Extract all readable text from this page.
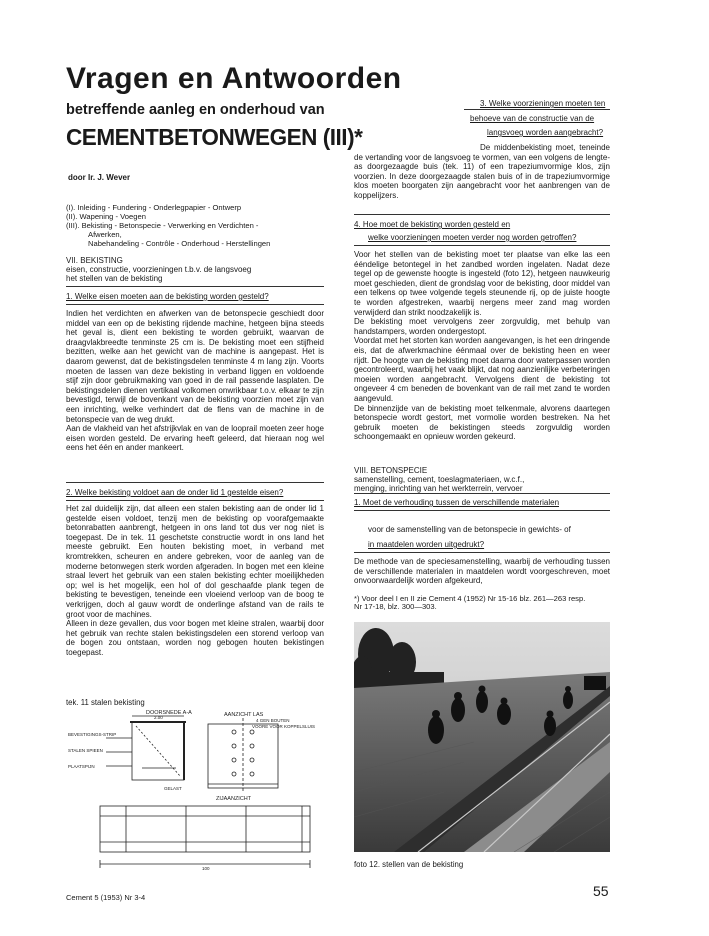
Vragen en Antwoorden
betreffende aanleg en onderhoud van
CEMENTBETONWEGEN (III)*
door Ir. J. Wever
(I). Inleiding - Fundering - Onderlegpapier - Ontwerp
(II). Wapening - Voegen
(III). Bekisting - Betonspecie - Verwerking en Verdichten -
Afwerken,
Nabehandeling - Contrôle - Onderhoud - Herstellingen
VII. BEKISTING
eisen, constructie, voorzieningen t.b.v. de langsvoeg
het stellen van de bekisting
1. Welke eisen moeten aan de bekisting worden gesteld?

Indien het verdichten en afwerken van de betonspecie geschiedt door middel van een op de bekisting rijdende machine, hetgeen bijna steeds het geval is, dient een bekisting te worden gebruikt, waarvan de draagvlakbreedte tenminste 25 cm is. De bekisting moet een stijfheid bezitten, welke aan het gewicht van de machine is aangepast. Het is daarom gewenst, dat de bekistingsdelen tenminste 4 m lang zijn. Voorts moeten de lassen van deze bekisting in verband liggen en voldoende stijf zijn door gebruikmaking van goed in de rail passende lasplaten. De bekistingsdelen dienen vertikaal volkomen onwrikbaar t.o.v. elkaar te zijn bevestigd, terwijl de bovenkant van de bekisting voorzien moet zijn van een inrichting, welke verhindert dat de flens van de machine in de betonspecie van de weg drukt.

Aan de vlakheid van het afstrijkvlak en van de looprail moeten zeer hoge eisen worden gesteld. De ervaring heeft geleerd, dat hieraan nog wel eens het één en ander mankeert.

2. Welke bekisting voldoet aan de onder lid 1 gestelde eisen?

Het zal duidelijk zijn, dat alleen een stalen bekisting aan de onder lid 1 gestelde eisen voldoet, tenzij men de bekisting op voorafgemaakte betonrabatten aanbrengt, hetgeen in ons land tot dus ver nog niet is toegepast. De in tek. 11 geschetste constructie wordt in ons land het meeste gebruikt. Een houten bekisting moet, in verband met kromtrekken, scheuren en andere gebreken, voor de aanleg van de moderne betonwegen sterk worden afgeraden. In bogen met een kleine straal levert het gebruik van een stalen bekisting echter moeilijkheden op; wel is het mogelijk, een hol of dol geschaafde plank tegen de bekisting te bevestigen, teneinde een vloeiend verloop van de boog te verkrijgen, doch al gauw wordt de onderlinge afstand van de rails te groot voor de machines.

Alleen in deze gevallen, dus voor bogen met kleine stralen, waarbij door het gebruik van rechte stalen bekistingsdelen een storend verloop van de bogen zou ontstaan, worden nog gebogen houten bekistingen toegepast.

tek. 11 stalen bekisting
DOORSNEDE A-A	AANZICHT LAS
ZIJAANZICHT
BEVESTIGINGS-STRIP
STALEN SPIEEN
PLAATSPIJN
GELAST
4 GEN BOUTEN
VOORE VOOR KOPPELSLUIS
2.00
100
3. Welke voorzieningen moeten ten
behoeve van de constructie van de
langsvoeg worden aangebracht?

De middenbekisting moet, teneinde de vertanding voor de langsvoeg te vormen, van een volgens de lengte-as doorgezaagde buis (tek. 11) of een trapeziumvormige klos, zijn voorzien. In deze doorgezaagde stalen buis of in de trapeziumvormige klos moeten boorgaten zijn aangebracht voor het aanbrengen van de koppelijzers.

4. Hoe moet de bekisting worden gesteld en
welke voorzieningen moeten verder nog worden getroffen?

Voor het stellen van de bekisting moet ter plaatse van elke las een ééndelige betontegel in het zandbed worden ingelaten. Nadat deze tegel op de gewenste hoogte is ingesteld (foto 12), hetgeen nauwkeurig moet geschieden, dient de grondslag voor de bekisting, door middel van een telkens op twee volgende tegels steunende rij, op de juiste hoogte te worden afgestreken, waarbij nergens meer zand mag worden verwijderd dan strikt noodzakelijk is.

De bekisting moet vervolgens zeer zorgvuldig, met behulp van handstampers, worden ondergestopt.

Voordat met het storten kan worden aangevangen, is het een dringende eis, dat de afwerkmachine éénmaal over de bekisting heen en weer rijdt. De hoogte van de bekisting moet daarna door waterpassen worden gecontroleerd, waarbij het vaak blijkt, dat nog aanzienlijke verbeteringen moeien worden aangebracht. Vervolgens dient de bekisting tot ongeveer 4 cm beneden de bovenkant van de rail met zand te worden aangevuld.

De binnenzijde van de bekisting moet telkenmale, alvorens daartegen betonspecie wordt gestort, met vormolie worden bestreken. Na het gebruik moeten de bekistingen steeds zorgvuldig worden schoongemaakt en opnieuw worden gekeurd.

VIII. BETONSPECIE
samenstelling, cement, toeslagmateriaen, w.c.f.,
menging, inrichting van het werkterrein, vervoer
1. Moet de verhouding tussen de verschillende materialen
voor de samenstelling van de betonspecie in gewichts- of
in maatdelen worden uitgedrukt?

De methode van de speciesamenstelling, waarbij de verhouding tussen de verschillende materialen in maatdelen wordt voorgeschreven, moet onvoorwaardelijk worden afgekeurd,

*) Voor deel I en II zie Cement 4 (1952) Nr 15-16 blz. 261—263 resp.
Nr 17-18, blz. 300—303.
foto 12. stellen van de bekisting
Cement 5 (1953) Nr 3-4	55
